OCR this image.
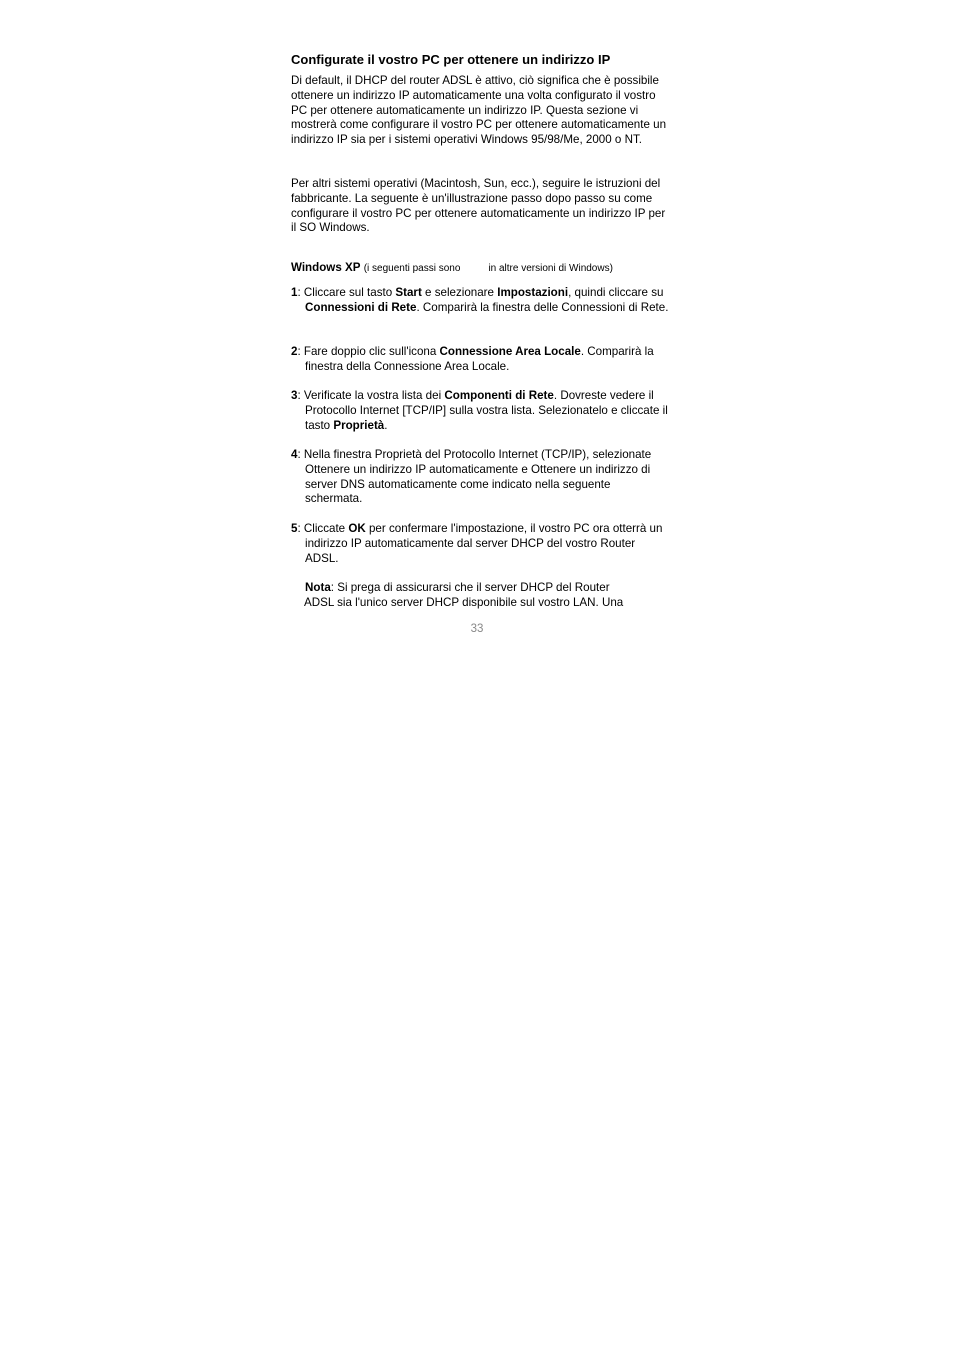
Configurate il vostro PC per ottenere un indirizzo IP

Di default, il DHCP del router ADSL è attivo, ciò significa che è possibile ottenere un indirizzo IP automaticamente una volta configurato il vostro PC per ottenere automaticamente un indirizzo IP. Questa sezione vi mostrerà come configurare il vostro PC per ottenere automaticamente un indirizzo IP sia per i sistemi operativi Windows 95/98/Me, 2000 o NT.

Per altri sistemi operativi (Macintosh, Sun, ecc.), seguire le istruzioni del fabbricante. La seguente è un'illustrazione passo dopo passo su come configurare il vostro PC per ottenere automaticamente un indirizzo IP per il SO Windows.

Windows XP (i seguenti passi sono	in altre versioni di Windows)

1: Cliccare sul tasto Start e selezionare Impostazioni, quindi cliccare su Connessioni di Rete. Comparirà la finestra delle Connessioni di Rete.

2: Fare doppio clic sull'icona Connessione Area Locale. Comparirà la finestra della Connessione Area Locale.

3: Verificate la vostra lista dei Componenti di Rete. Dovreste vedere il Protocollo Internet [TCP/IP] sulla vostra lista. Selezionatelo e cliccate il tasto Proprietà.

4: Nella finestra Proprietà del Protocollo Internet (TCP/IP), selezionate Ottenere un indirizzo IP automaticamente e Ottenere un indirizzo di server DNS automaticamente come indicato nella seguente schermata.

5: Cliccate OK per confermare l'impostazione, il vostro PC ora otterrà un indirizzo IP automaticamente dal server DHCP del vostro Router ADSL.

Nota: Si prega di assicurarsi che il server DHCP del Router
ADSL sia l'unico server DHCP disponibile sul vostro LAN. Una

33
